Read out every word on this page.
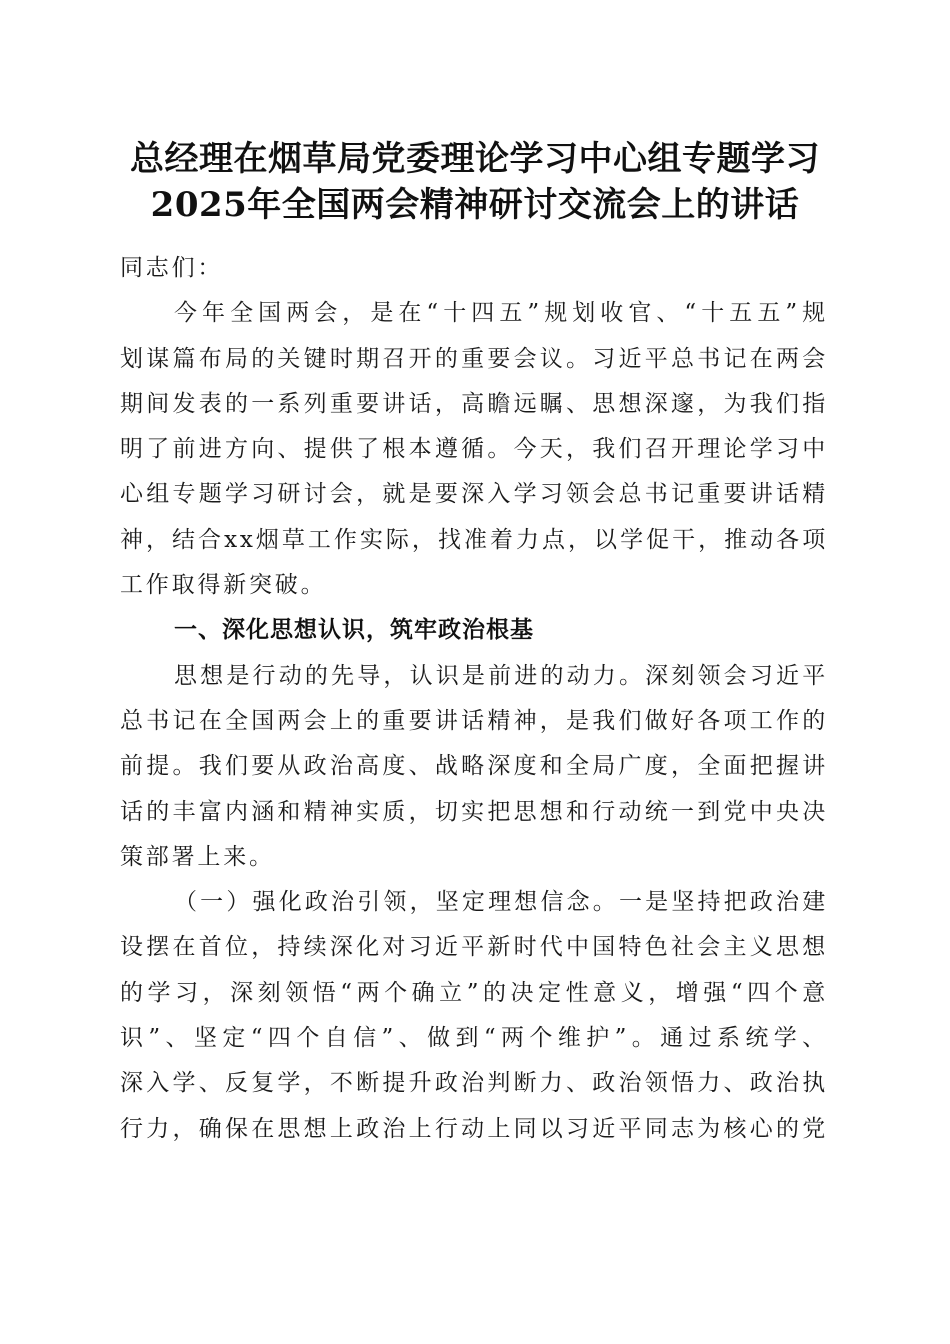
总经理在烟草局党委理论学习中心组专题学习
2025年全国两会精神研讨交流会上的讲话
同志们：
今年全国两会，是在“十四五”规划收官、“十五五”规
划谋篇布局的关键时期召开的重要会议。习近平总书记在两会
期间发表的一系列重要讲话，高瞻远瞩、思想深邃，为我们指
明了前进方向、提供了根本遵循。今天，我们召开理论学习中
心组专题学习研讨会，就是要深入学习领会总书记重要讲话精
神，结合xx烟草工作实际，找准着力点，以学促干，推动各项
工作取得新突破。
一、深化思想认识，筑牢政治根基
思想是行动的先导，认识是前进的动力。深刻领会习近平
总书记在全国两会上的重要讲话精神，是我们做好各项工作的
前提。我们要从政治高度、战略深度和全局广度，全面把握讲
话的丰富内涵和精神实质，切实把思想和行动统一到党中央决
策部署上来。
（一）强化政治引领，坚定理想信念。一是坚持把政治建
设摆在首位，持续深化对习近平新时代中国特色社会主义思想
的学习，深刻领悟“两个确立”的决定性意义，增强“四个意
识”、坚定“四个自信”、做到“两个维护”。通过系统学、
深入学、反复学，不断提升政治判断力、政治领悟力、政治执
行力，确保在思想上政治上行动上同以习近平同志为核心的党
